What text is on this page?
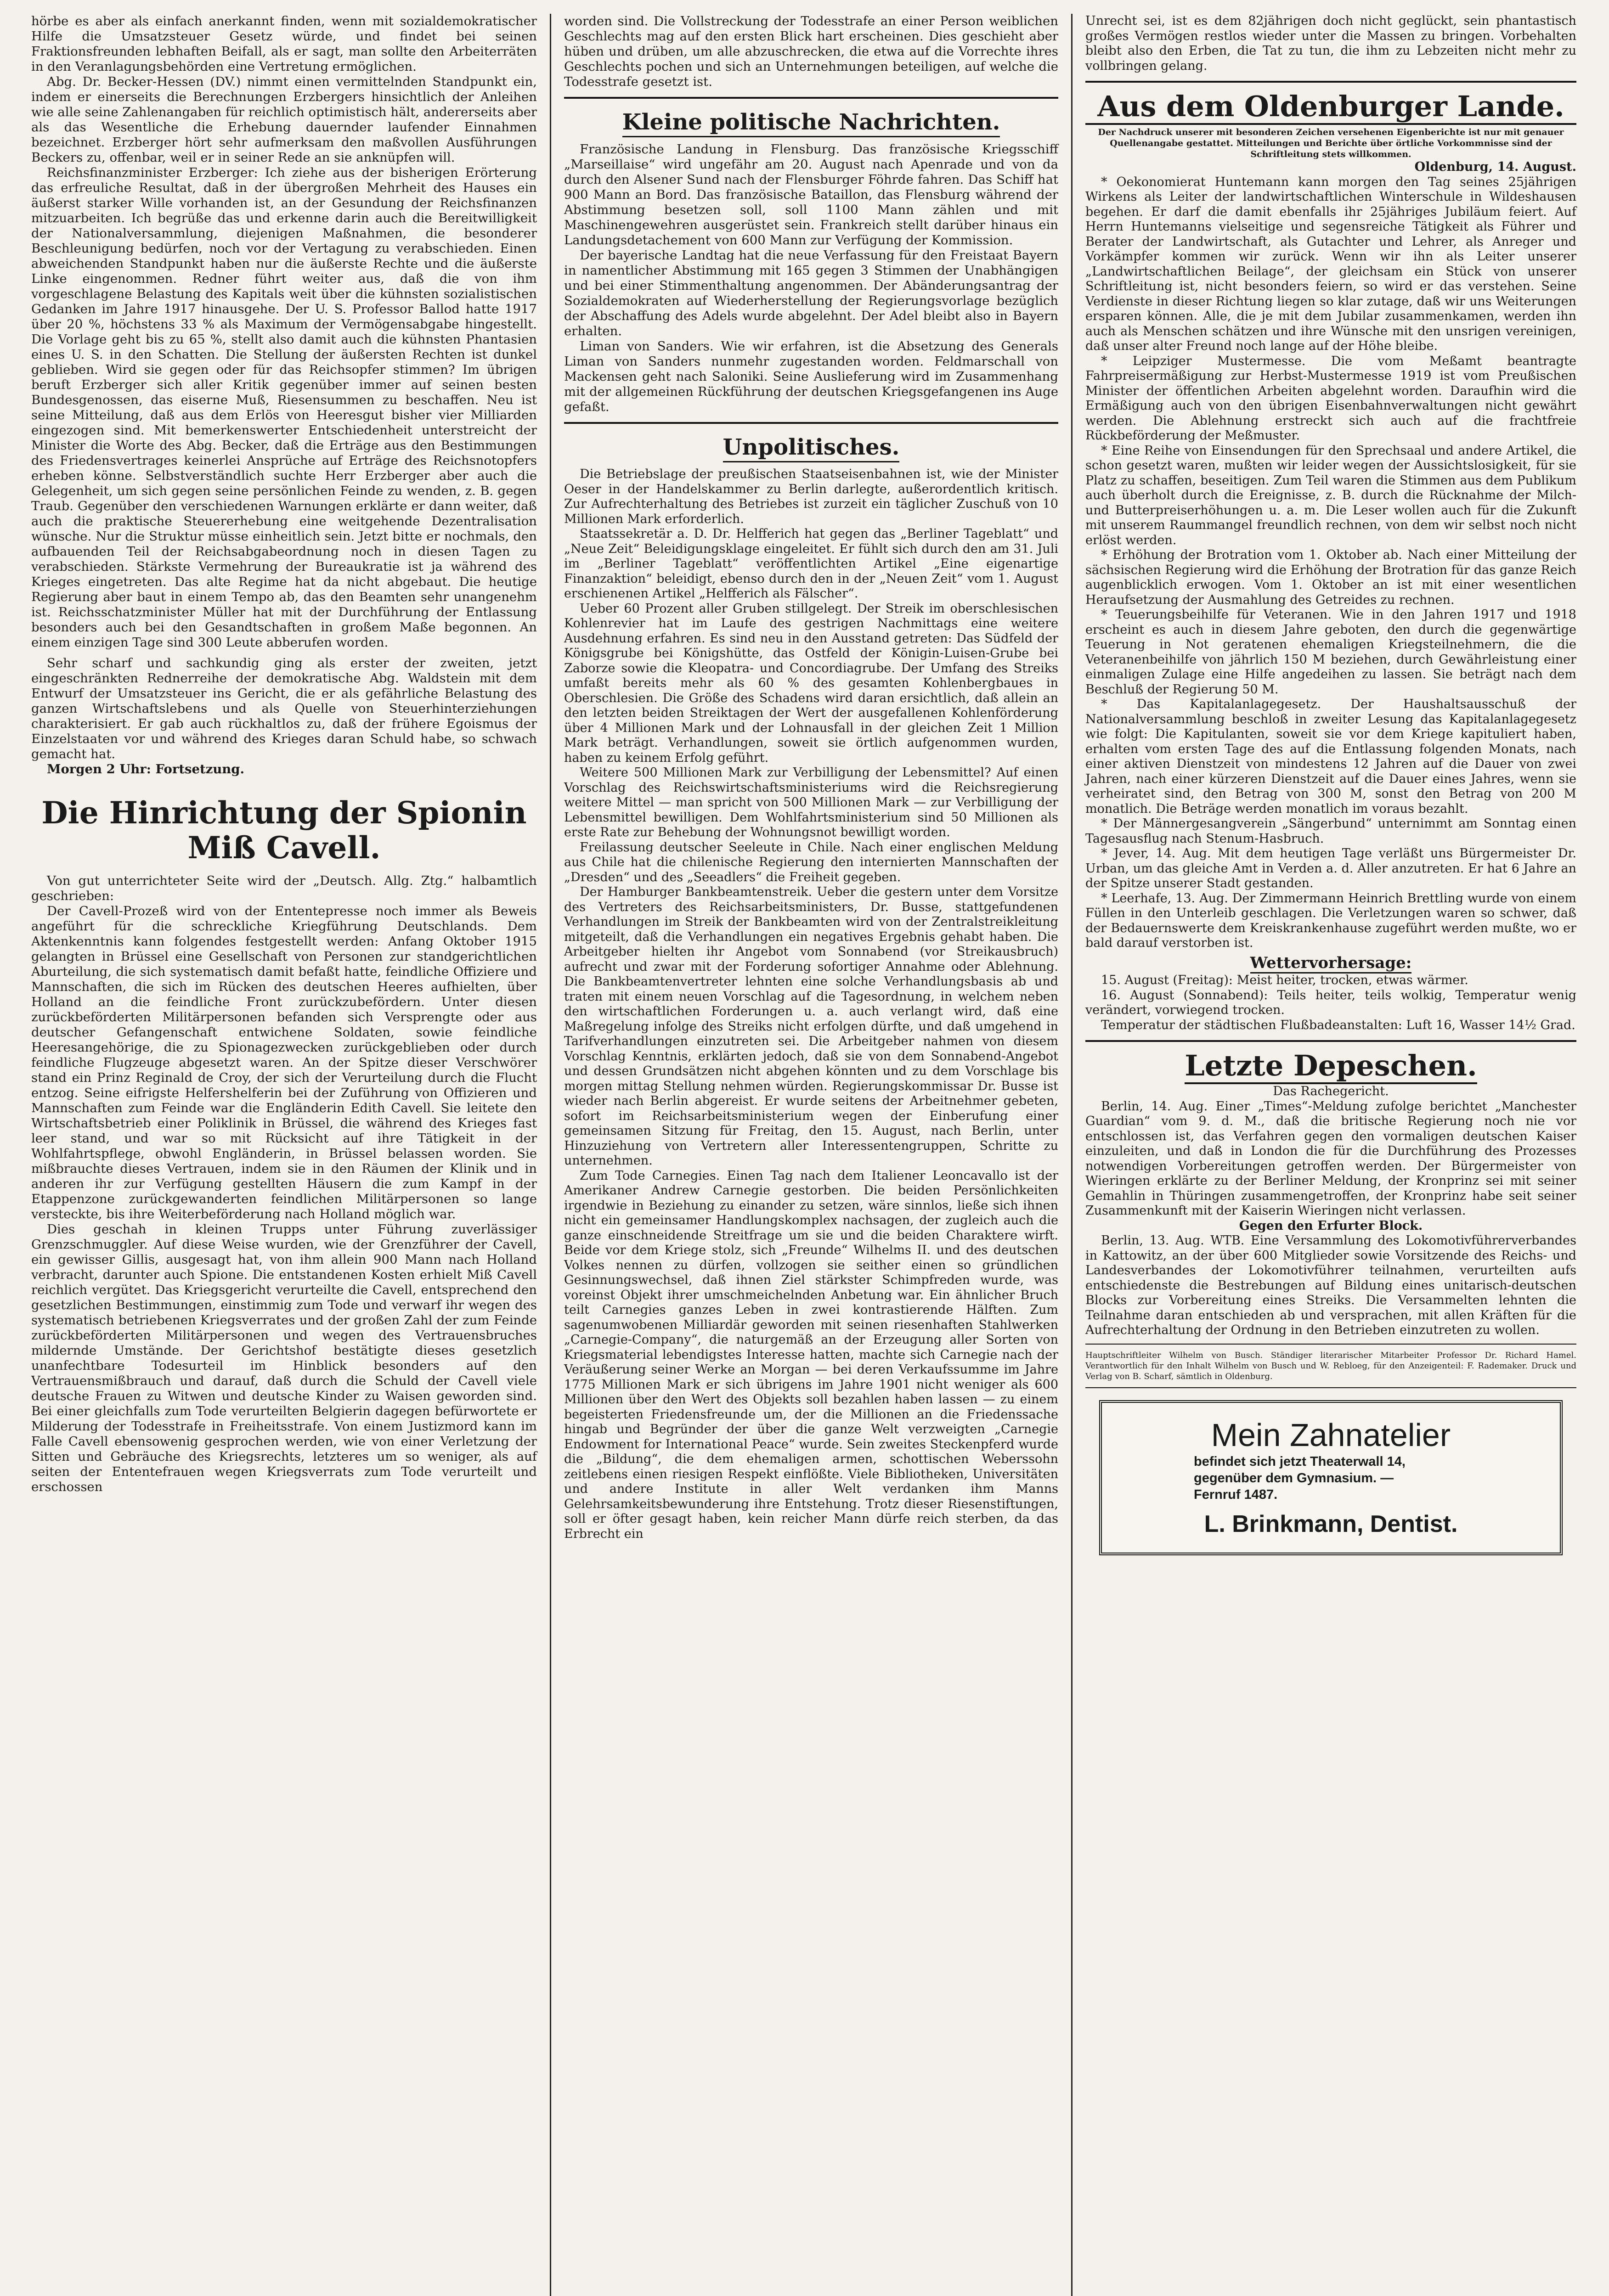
hörbe es aber als einfach anerkannt finden, wenn mit sozialdemokratischer Hilfe die Umsatzsteuer Gesetz würde, und findet bei seinen Fraktionsfreunden lebhaften Beifall, als er sagt, man sollte den Arbeiterräten in den Veranlagungsbehörden eine Vertretung ermöglichen.

Abg. Dr. Becker-Hessen (DV.) nimmt einen vermittelnden Standpunkt ein, indem er einerseits die Berechnungen Erzbergers hinsichtlich der Anleihen wie alle seine Zahlenangaben für reichlich optimistisch hält, andererseits aber als das Wesentliche die Erhebung dauernder laufender Einnahmen bezeichnet. Erzberger hört sehr aufmerksam den maßvollen Ausführungen Beckers zu, offenbar, weil er in seiner Rede an sie anknüpfen will.

Reichsfinanzminister Erzberger: Ich ziehe aus der bisherigen Erörterung das erfreuliche Resultat, daß in der übergroßen Mehrheit des Hauses ein äußerst starker Wille vorhanden ist, an der Gesundung der Reichsfinanzen mitzuarbeiten. Ich begrüße das und erkenne darin auch die Bereitwilligkeit der Nationalversammlung, diejenigen Maßnahmen, die besonderer Beschleunigung bedürfen, noch vor der Vertagung zu verabschieden. Einen abweichenden Standpunkt haben nur die äußerste Rechte und die äußerste Linke eingenommen. Redner führt weiter aus, daß die von ihm vorgeschlagene Belastung des Kapitals weit über die kühnsten sozialistischen Gedanken im Jahre 1917 hinausgehe. Der U. S. Professor Ballod hatte 1917 über 20 %, höchstens 33 % als Maximum der Vermögensabgabe hingestellt. Die Vorlage geht bis zu 65 %, stellt also damit auch die kühnsten Phantasien eines U. S. in den Schatten. Die Stellung der äußersten Rechten ist dunkel geblieben. Wird sie gegen oder für das Reichsopfer stimmen? Im übrigen beruft Erzberger sich aller Kritik gegenüber immer auf seinen besten Bundesgenossen, das eiserne Muß, Riesensummen zu beschaffen. Neu ist seine Mitteilung, daß aus dem Erlös von Heeresgut bisher vier Milliarden eingezogen sind. Mit bemerkenswerter Entschiedenheit unterstreicht der Minister die Worte des Abg. Becker, daß die Erträge aus den Bestimmungen des Friedensvertrages keinerlei Ansprüche auf Erträge des Reichsnotopfers erheben könne. Selbstverständlich suchte Herr Erzberger aber auch die Gelegenheit, um sich gegen seine persönlichen Feinde zu wenden, z. B. gegen Traub. Gegenüber den verschiedenen Warnungen erklärte er dann weiter, daß auch die praktische Steuererhebung eine weitgehende Dezentralisation wünsche. Nur die Struktur müsse einheitlich sein. Jetzt bitte er nochmals, den aufbauenden Teil der Reichsabgabeordnung noch in diesen Tagen zu verabschieden. Stärkste Vermehrung der Bureaukratie ist ja während des Krieges eingetreten. Das alte Regime hat da nicht abgebaut. Die heutige Regierung aber baut in einem Tempo ab, das den Beamten sehr unangenehm ist. Reichsschatzminister Müller hat mit der Durchführung der Entlassung besonders auch bei den Gesandtschaften in großem Maße begonnen. An einem einzigen Tage sind 300 Leute abberufen worden.

Sehr scharf und sachkundig ging als erster der zweiten, jetzt eingeschränkten Rednerreihe der demokratische Abg. Waldstein mit dem Entwurf der Umsatzsteuer ins Gericht, die er als gefährliche Belastung des ganzen Wirtschaftslebens und als Quelle von Steuerhinterziehungen charakterisiert. Er gab auch rückhaltlos zu, daß der frühere Egoismus der Einzelstaaten vor und während des Krieges daran Schuld habe, so schwach gemacht hat.

Morgen 2 Uhr: Fortsetzung.

Die Hinrichtung der Spionin Miß Cavell.

Von gut unterrichteter Seite wird der „Deutsch. Allg. Ztg.“ halbamtlich geschrieben:

Der Cavell-Prozeß wird von der Ententepresse noch immer als Beweis angeführt für die schreckliche Kriegführung Deutschlands. Dem Aktenkenntnis kann folgendes festgestellt werden: Anfang Oktober 1915 gelangten in Brüssel eine Gesellschaft von Personen zur standgerichtlichen Aburteilung, die sich systematisch damit befaßt hatte, feindliche Offiziere und Mannschaften, die sich im Rücken des deutschen Heeres aufhielten, über Holland an die feindliche Front zurückzubefördern. Unter diesen zurückbeförderten Militärpersonen befanden sich Versprengte oder aus deutscher Gefangenschaft entwichene Soldaten, sowie feindliche Heeresangehörige, die zu Spionagezwecken zurückgeblieben oder durch feindliche Flugzeuge abgesetzt waren. An der Spitze dieser Verschwörer stand ein Prinz Reginald de Croy, der sich der Verurteilung durch die Flucht entzog. Seine eifrigste Helfershelferin bei der Zuführung von Offizieren und Mannschaften zum Feinde war die Engländerin Edith Cavell. Sie leitete den Wirtschaftsbetrieb einer Poliklinik in Brüssel, die während des Krieges fast leer stand, und war so mit Rücksicht auf ihre Tätigkeit in der Wohlfahrtspflege, obwohl Engländerin, in Brüssel belassen worden. Sie mißbrauchte dieses Vertrauen, indem sie in den Räumen der Klinik und in anderen ihr zur Verfügung gestellten Häusern die zum Kampf in der Etappenzone zurückgewanderten feindlichen Militärpersonen so lange versteckte, bis ihre Weiterbeförderung nach Holland möglich war.

Dies geschah in kleinen Trupps unter Führung zuverlässiger Grenzschmuggler. Auf diese Weise wurden, wie der Grenzführer der Cavell, ein gewisser Gillis, ausgesagt hat, von ihm allein 900 Mann nach Holland verbracht, darunter auch Spione. Die entstandenen Kosten erhielt Miß Cavell reichlich vergütet. Das Kriegsgericht verurteilte die Cavell, entsprechend den gesetzlichen Bestimmungen, einstimmig zum Tode und verwarf ihr wegen des systematisch betriebenen Kriegsverrates und der großen Zahl der zum Feinde zurückbeförderten Militärpersonen und wegen des Vertrauensbruches mildernde Umstände. Der Gerichtshof bestätigte dieses gesetzlich unanfechtbare Todesurteil im Hinblick besonders auf den Vertrauensmißbrauch und darauf, daß durch die Schuld der Cavell viele deutsche Frauen zu Witwen und deutsche Kinder zu Waisen geworden sind. Bei einer gleichfalls zum Tode verurteilten Belgierin dagegen befürwortete er Milderung der Todesstrafe in Freiheitsstrafe. Von einem Justizmord kann im Falle Cavell ebensowenig gesprochen werden, wie von einer Verletzung der Sitten und Gebräuche des Kriegsrechts, letzteres um so weniger, als auf seiten der Ententefrauen wegen Kriegsverrats zum Tode verurteilt und erschossen

worden sind. Die Vollstreckung der Todesstrafe an einer Person weiblichen Geschlechts mag auf den ersten Blick hart erscheinen. Dies geschieht aber hüben und drüben, um alle abzuschrecken, die etwa auf die Vorrechte ihres Geschlechts pochen und sich an Unternehmungen beteiligen, auf welche die Todesstrafe gesetzt ist.

Kleine politische Nachrichten.

Französische Landung in Flensburg. Das französische Kriegsschiff „Marseillaise“ wird ungefähr am 20. August nach Apenrade und von da durch den Alsener Sund nach der Flensburger Föhrde fahren. Das Schiff hat 900 Mann an Bord. Das französische Bataillon, das Flensburg während der Abstimmung besetzen soll, soll 1100 Mann zählen und mit Maschinengewehren ausgerüstet sein. Frankreich stellt darüber hinaus ein Landungsdetachement von 600 Mann zur Verfügung der Kommission.

Der bayerische Landtag hat die neue Verfassung für den Freistaat Bayern in namentlicher Abstimmung mit 165 gegen 3 Stimmen der Unabhängigen und bei einer Stimmenthaltung angenommen. Der Abänderungsantrag der Sozialdemokraten auf Wiederherstellung der Regierungsvorlage bezüglich der Abschaffung des Adels wurde abgelehnt. Der Adel bleibt also in Bayern erhalten.

Liman von Sanders. Wie wir erfahren, ist die Absetzung des Generals Liman von Sanders nunmehr zugestanden worden. Feldmarschall von Mackensen geht nach Saloniki. Seine Auslieferung wird im Zusammenhang mit der allgemeinen Rückführung der deutschen Kriegsgefangenen ins Auge gefaßt.

Unpolitisches.

Die Betriebslage der preußischen Staatseisenbahnen ist, wie der Minister Oeser in der Handelskammer zu Berlin darlegte, außerordentlich kritisch. Zur Aufrechterhaltung des Betriebes ist zurzeit ein täglicher Zuschuß von 10 Millionen Mark erforderlich.

Staatssekretär a. D. Dr. Helfferich hat gegen das „Berliner Tageblatt“ und „Neue Zeit“ Beleidigungsklage eingeleitet. Er fühlt sich durch den am 31. Juli im „Berliner Tageblatt“ veröffentlichten Artikel „Eine eigenartige Finanzaktion“ beleidigt, ebenso durch den in der „Neuen Zeit“ vom 1. August erschienenen Artikel „Helfferich als Fälscher“.

Ueber 60 Prozent aller Gruben stillgelegt. Der Streik im oberschlesischen Kohlenrevier hat im Laufe des gestrigen Nachmittags eine weitere Ausdehnung erfahren. Es sind neu in den Ausstand getreten: Das Südfeld der Königsgrube bei Königshütte, das Ostfeld der Königin-Luisen-Grube bei Zaborze sowie die Kleopatra- und Concordiagrube. Der Umfang des Streiks umfaßt bereits mehr als 60 % des gesamten Kohlenbergbaues in Oberschlesien. Die Größe des Schadens wird daran ersichtlich, daß allein an den letzten beiden Streiktagen der Wert der ausgefallenen Kohlenförderung über 4 Millionen Mark und der Lohnausfall in der gleichen Zeit 1 Million Mark beträgt. Verhandlungen, soweit sie örtlich aufgenommen wurden, haben zu keinem Erfolg geführt.

Weitere 500 Millionen Mark zur Verbilligung der Lebensmittel? Auf einen Vorschlag des Reichswirtschaftsministeriums wird die Reichsregierung weitere Mittel — man spricht von 500 Millionen Mark — zur Verbilligung der Lebensmittel bewilligen. Dem Wohlfahrtsministerium sind 50 Millionen als erste Rate zur Behebung der Wohnungsnot bewilligt worden.

Freilassung deutscher Seeleute in Chile. Nach einer englischen Meldung aus Chile hat die chilenische Regierung den internierten Mannschaften der „Dresden“ und des „Seeadlers“ die Freiheit gegeben.

Der Hamburger Bankbeamtenstreik. Ueber die gestern unter dem Vorsitze des Vertreters des Reichsarbeitsministers, Dr. Busse, stattgefundenen Verhandlungen im Streik der Bankbeamten wird von der Zentralstreikleitung mitgeteilt, daß die Verhandlungen ein negatives Ergebnis gehabt haben. Die Arbeitgeber hielten ihr Angebot vom Sonnabend (vor Streikausbruch) aufrecht und zwar mit der Forderung sofortiger Annahme oder Ablehnung. Die Bankbeamtenvertreter lehnten eine solche Verhandlungsbasis ab und traten mit einem neuen Vorschlag auf die Tagesordnung, in welchem neben den wirtschaftlichen Forderungen u. a. auch verlangt wird, daß eine Maßregelung infolge des Streiks nicht erfolgen dürfte, und daß umgehend in Tarifverhandlungen einzutreten sei. Die Arbeitgeber nahmen von diesem Vorschlag Kenntnis, erklärten jedoch, daß sie von dem Sonnabend-Angebot und dessen Grundsätzen nicht abgehen könnten und zu dem Vorschlage bis morgen mittag Stellung nehmen würden. Regierungskommissar Dr. Busse ist wieder nach Berlin abgereist. Er wurde seitens der Arbeitnehmer gebeten, sofort im Reichsarbeitsministerium wegen der Einberufung einer gemeinsamen Sitzung für Freitag, den 15. August, nach Berlin, unter Hinzuziehung von Vertretern aller Interessentengruppen, Schritte zu unternehmen.

Zum Tode Carnegies. Einen Tag nach dem Italiener Leoncavallo ist der Amerikaner Andrew Carnegie gestorben. Die beiden Persönlichkeiten irgendwie in Beziehung zu einander zu setzen, wäre sinnlos, ließe sich ihnen nicht ein gemeinsamer Handlungskomplex nachsagen, der zugleich auch die ganze einschneidende Streitfrage um sie und die beiden Charaktere wirft. Beide vor dem Kriege stolz, sich „Freunde“ Wilhelms II. und des deutschen Volkes nennen zu dürfen, vollzogen sie seither einen so gründlichen Gesinnungswechsel, daß ihnen Ziel stärkster Schimpfreden wurde, was voreinst Objekt ihrer umschmeichelnden Anbetung war. Ein ähnlicher Bruch teilt Carnegies ganzes Leben in zwei kontrastierende Hälften. Zum sagenumwobenen Milliardär geworden mit seinen riesenhaften Stahlwerken „Carnegie-Company“, die naturgemäß an der Erzeugung aller Sorten von Kriegsmaterial lebendigstes Interesse hatten, machte sich Carnegie nach der Veräußerung seiner Werke an Morgan — bei deren Verkaufssumme im Jahre 1775 Millionen Mark er sich übrigens im Jahre 1901 nicht weniger als 600 Millionen über den Wert des Objekts soll bezahlen haben lassen — zu einem begeisterten Friedensfreunde um, der die Millionen an die Friedenssache hingab und Begründer der über die ganze Welt verzweigten „Carnegie Endowment for International Peace“ wurde. Sein zweites Steckenpferd wurde die „Bildung“, die dem ehemaligen armen, schottischen Weberssohn zeitlebens einen riesigen Respekt einflößte. Viele Bibliotheken, Universitäten und andere Institute in aller Welt verdanken ihm Manns Gelehrsamkeitsbewunderung ihre Entstehung. Trotz dieser Riesenstiftungen, soll er öfter gesagt haben, kein reicher Mann dürfe reich sterben, da das Erbrecht ein

Unrecht sei, ist es dem 82jährigen doch nicht geglückt, sein phantastisch großes Vermögen restlos wieder unter die Massen zu bringen. Vorbehalten bleibt also den Erben, die Tat zu tun, die ihm zu Lebzeiten nicht mehr zu vollbringen gelang.

Aus dem Oldenburger Lande.

Der Nachdruck unserer mit besonderen Zeichen versehenen Eigenberichte ist nur mit genauer Quellenangabe gestattet. Mitteilungen und Berichte über örtliche Vorkommnisse sind der Schriftleitung stets willkommen.

Oldenburg, 14. August.

* Oekonomierat Huntemann kann morgen den Tag seines 25jährigen Wirkens als Leiter der landwirtschaftlichen Winterschule in Wildeshausen begehen. Er darf die damit ebenfalls ihr 25jähriges Jubiläum feiert. Auf Herrn Huntemanns vielseitige und segensreiche Tätigkeit als Führer und Berater der Landwirtschaft, als Gutachter und Lehrer, als Anreger und Vorkämpfer kommen wir zurück. Wenn wir ihn als Leiter unserer „Landwirtschaftlichen Beilage“, der gleichsam ein Stück von unserer Schriftleitung ist, nicht besonders feiern, so wird er das verstehen. Seine Verdienste in dieser Richtung liegen so klar zutage, daß wir uns Weiterungen ersparen können. Alle, die je mit dem Jubilar zusammenkamen, werden ihn auch als Menschen schätzen und ihre Wünsche mit den unsrigen vereinigen, daß unser alter Freund noch lange auf der Höhe bleibe.

* Leipziger Mustermesse. Die vom Meßamt beantragte Fahrpreisermäßigung zur Herbst-Mustermesse 1919 ist vom Preußischen Minister der öffentlichen Arbeiten abgelehnt worden. Daraufhin wird die Ermäßigung auch von den übrigen Eisenbahnverwaltungen nicht gewährt werden. Die Ablehnung erstreckt sich auch auf die frachtfreie Rückbeförderung der Meßmuster.

* Eine Reihe von Einsendungen für den Sprechsaal und andere Artikel, die schon gesetzt waren, mußten wir leider wegen der Aussichtslosigkeit, für sie Platz zu schaffen, beseitigen. Zum Teil waren die Stimmen aus dem Publikum auch überholt durch die Ereignisse, z. B. durch die Rücknahme der Milch- und Butterpreiserhöhungen u. a. m. Die Leser wollen auch für die Zukunft mit unserem Raummangel freundlich rechnen, von dem wir selbst noch nicht erlöst werden.

* Erhöhung der Brotration vom 1. Oktober ab. Nach einer Mitteilung der sächsischen Regierung wird die Erhöhung der Brotration für das ganze Reich augenblicklich erwogen. Vom 1. Oktober an ist mit einer wesentlichen Heraufsetzung der Ausmahlung des Getreides zu rechnen.

* Teuerungsbeihilfe für Veteranen. Wie in den Jahren 1917 und 1918 erscheint es auch in diesem Jahre geboten, den durch die gegenwärtige Teuerung in Not geratenen ehemaligen Kriegsteilnehmern, die die Veteranenbeihilfe von jährlich 150 M beziehen, durch Gewährleistung einer einmaligen Zulage eine Hilfe angedeihen zu lassen. Sie beträgt nach dem Beschluß der Regierung 50 M.

* Das Kapitalanlagegesetz. Der Haushaltsausschuß der Nationalversammlung beschloß in zweiter Lesung das Kapitalanlagegesetz wie folgt: Die Kapitulanten, soweit sie vor dem Kriege kapituliert haben, erhalten vom ersten Tage des auf die Entlassung folgenden Monats, nach einer aktiven Dienstzeit von mindestens 12 Jahren auf die Dauer von zwei Jahren, nach einer kürzeren Dienstzeit auf die Dauer eines Jahres, wenn sie verheiratet sind, den Betrag von 300 M, sonst den Betrag von 200 M monatlich. Die Beträge werden monatlich im voraus bezahlt.

* Der Männergesangverein „Sängerbund“ unternimmt am Sonntag einen Tagesausflug nach Stenum-Hasbruch.

* Jever, 14. Aug. Mit dem heutigen Tage verläßt uns Bürgermeister Dr. Urban, um das gleiche Amt in Verden a. d. Aller anzutreten. Er hat 6 Jahre an der Spitze unserer Stadt gestanden.

* Leerhafe, 13. Aug. Der Zimmermann Heinrich Brettling wurde von einem Füllen in den Unterleib geschlagen. Die Verletzungen waren so schwer, daß der Bedauernswerte dem Kreiskrankenhause zugeführt werden mußte, wo er bald darauf verstorben ist.

Wettervorhersage:

15. August (Freitag): Meist heiter, trocken, etwas wärmer.

16. August (Sonnabend): Teils heiter, teils wolkig, Temperatur wenig verändert, vorwiegend trocken.

Temperatur der städtischen Flußbadeanstalten: Luft 16, Wasser 14½ Grad.

Letzte Depeschen.

Das Rachegericht.

Berlin, 14. Aug. Einer „Times“-Meldung zufolge berichtet „Manchester Guardian“ vom 9. d. M., daß die britische Regierung noch nie vor entschlossen ist, das Verfahren gegen den vormaligen deutschen Kaiser einzuleiten, und daß in London die für die Durchführung des Prozesses notwendigen Vorbereitungen getroffen werden. Der Bürgermeister von Wieringen erklärte zu der Berliner Meldung, der Kronprinz sei mit seiner Gemahlin in Thüringen zusammengetroffen, der Kronprinz habe seit seiner Zusammenkunft mit der Kaiserin Wieringen nicht verlassen.

Gegen den Erfurter Block.

Berlin, 13. Aug. WTB. Eine Versammlung des Lokomotivführerverbandes in Kattowitz, an der über 600 Mitglieder sowie Vorsitzende des Reichs- und Landesverbandes der Lokomotivführer teilnahmen, verurteilten aufs entschiedenste die Bestrebungen auf Bildung eines unitarisch-deutschen Blocks zur Vorbereitung eines Streiks. Die Versammelten lehnten die Teilnahme daran entschieden ab und versprachen, mit allen Kräften für die Aufrechterhaltung der Ordnung in den Betrieben einzutreten zu wollen.

Hauptschriftleiter Wilhelm von Busch. Ständiger literarischer Mitarbeiter Professor Dr. Richard Hamel. Verantwortlich für den Inhalt Wilhelm von Busch und W. Rebloeg, für den Anzeigenteil: F. Rademaker. Druck und Verlag von B. Scharf, sämtlich in Oldenburg.

Mein Zahnatelier
befindet sich jetzt Theaterwall 14,
gegenüber dem Gymnasium. —
Fernruf 1487.
L. Brinkmann, Dentist.
